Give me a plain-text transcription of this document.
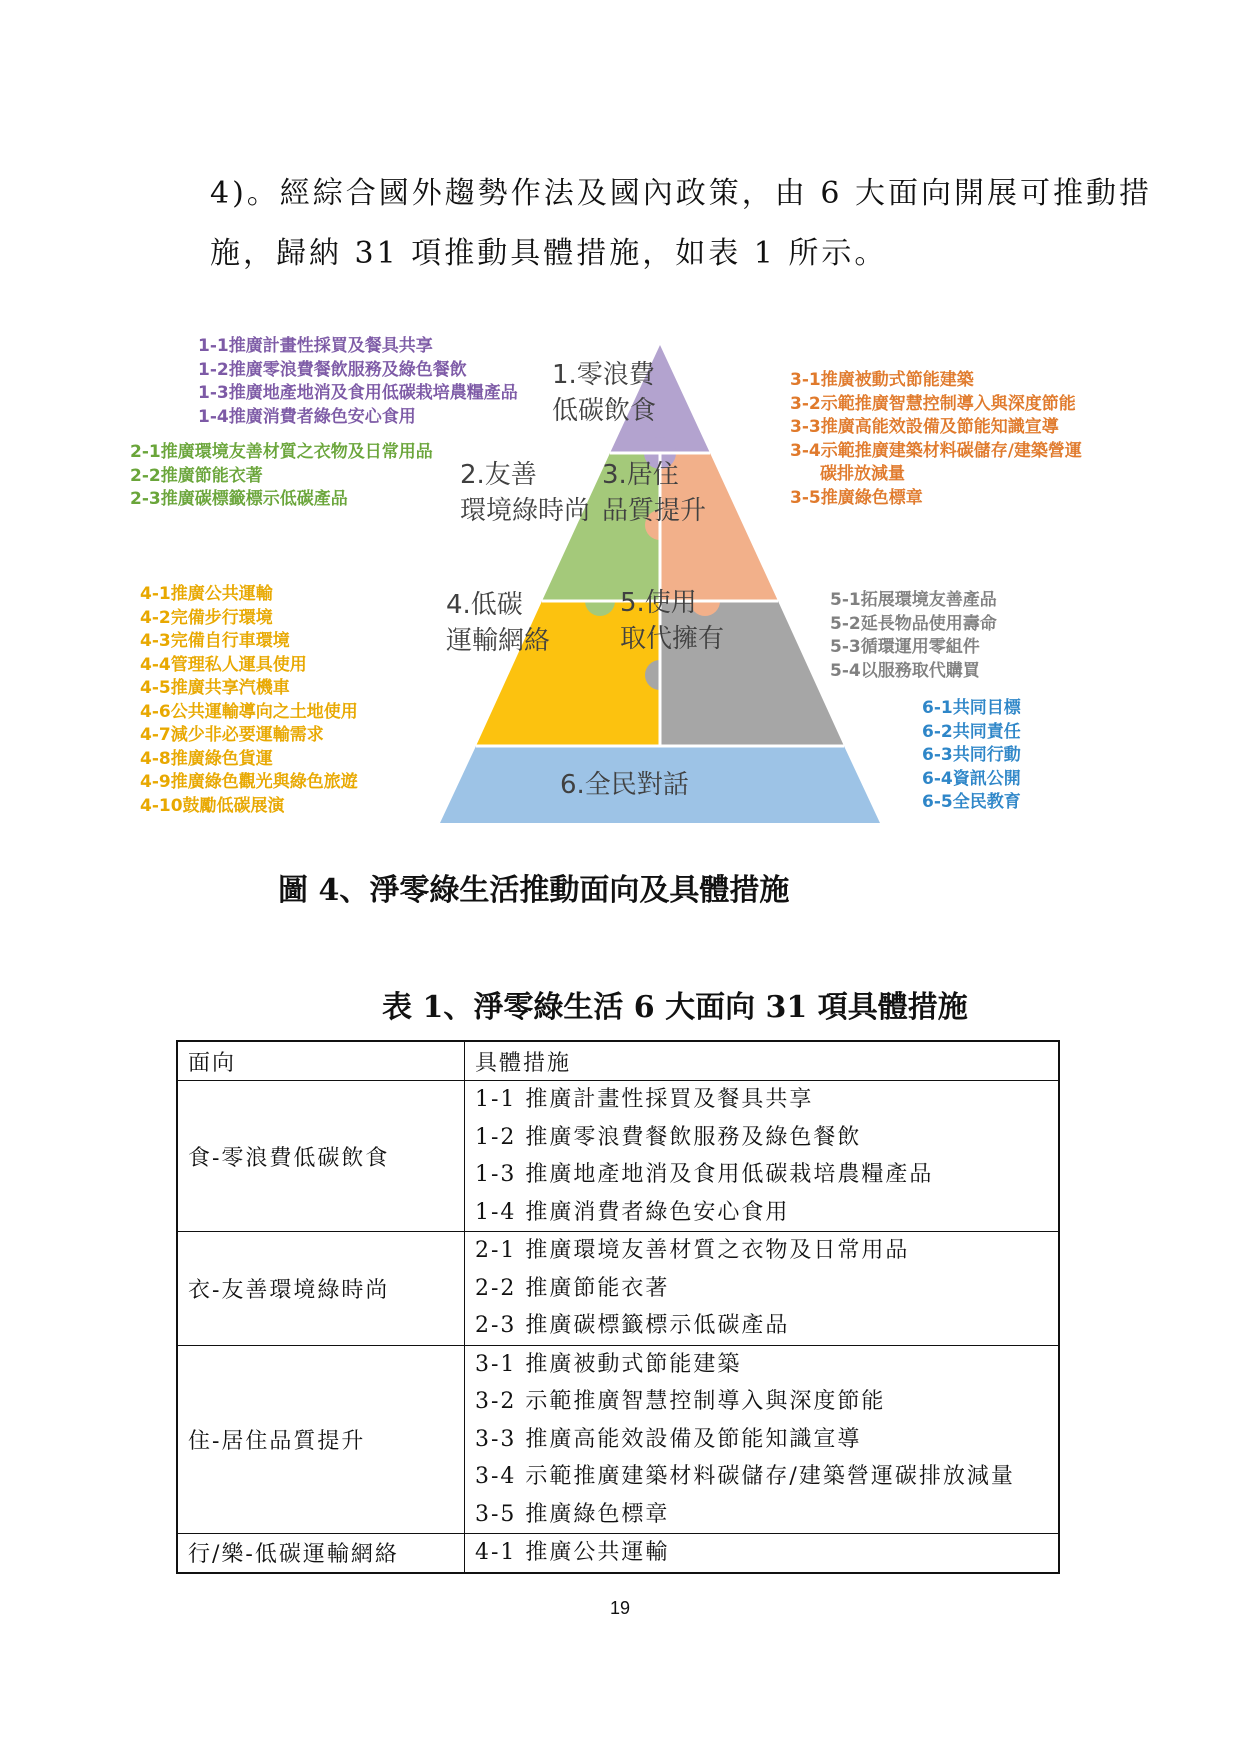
4)。經綜合國外趨勢作法及國內政策，由 6 大面向開展可推動措
施，歸納 31 項推動具體措施，如表 1 所示。
1.零浪費
低碳飲食
2.友善
環境綠時尚
3.居住
品質提升
4.低碳
運輸網絡
5.使用
取代擁有
6.全民對話
1-1推廣計畫性採買及餐具共享
1-2推廣零浪費餐飲服務及綠色餐飲
1-3推廣地產地消及食用低碳栽培農糧產品
1-4推廣消費者綠色安心食用
2-1推廣環境友善材質之衣物及日常用品
2-2推廣節能衣著
2-3推廣碳標籤標示低碳產品
3-1推廣被動式節能建築
3-2示範推廣智慧控制導入與深度節能
3-3推廣高能效設備及節能知識宣導
3-4示範推廣建築材料碳儲存/建築營運
碳排放減量
3-5推廣綠色標章
4-1推廣公共運輸
4-2完備步行環境
4-3完備自行車環境
4-4管理私人運具使用
4-5推廣共享汽機車
4-6公共運輸導向之土地使用
4-7減少非必要運輸需求
4-8推廣綠色貨運
4-9推廣綠色觀光與綠色旅遊
4-10鼓勵低碳展演
5-1拓展環境友善產品
5-2延長物品使用壽命
5-3循環運用零組件
5-4以服務取代購買
6-1共同目標
6-2共同責任
6-3共同行動
6-4資訊公開
6-5全民教育
圖 4、淨零綠生活推動面向及具體措施
表 1、淨零綠生活 6 大面向 31 項具體措施
面向	具體措施
食-零浪費低碳飲食	1-1 推廣計畫性採買及餐具共享
1-2 推廣零浪費餐飲服務及綠色餐飲
1-3 推廣地產地消及食用低碳栽培農糧產品
1-4 推廣消費者綠色安心食用

衣-友善環境綠時尚	2-1 推廣環境友善材質之衣物及日常用品
2-2 推廣節能衣著
2-3 推廣碳標籤標示低碳產品

住-居住品質提升	3-1 推廣被動式節能建築
3-2 示範推廣智慧控制導入與深度節能
3-3 推廣高能效設備及節能知識宣導
3-4 示範推廣建築材料碳儲存/建築營運碳排放減量
3-5 推廣綠色標章

行/樂-低碳運輸網絡	4-1 推廣公共運輸
19
